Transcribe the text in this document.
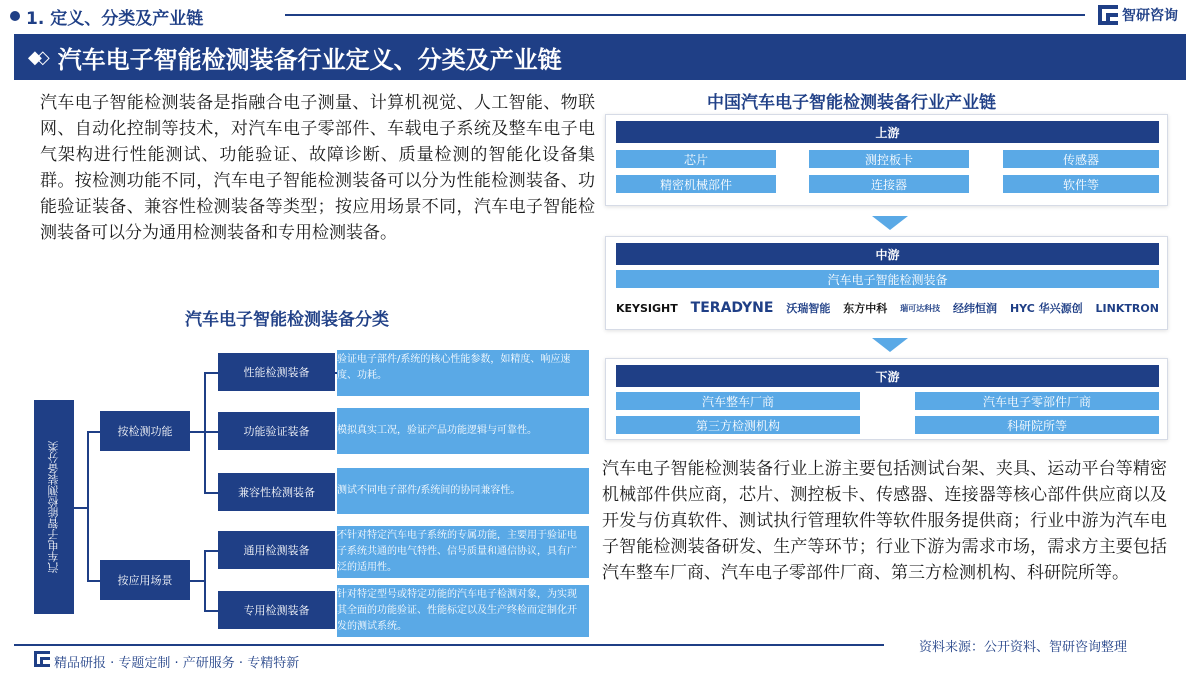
1. 定义、分类及产业链	智研咨询
◆◇ 汽车电子智能检测装备行业定义、分类及产业链
汽车电子智能检测装备是指融合电子测量、计算机视觉、人工智能、物联网、自动化控制等技术，对汽车电子零部件、车载电子系统及整车电子电气架构进行性能测试、功能验证、故障诊断、质量检测的智能化设备集群。按检测功能不同，汽车电子智能检测装备可以分为性能检测装备、功能验证装备、兼容性检测装备等类型；按应用场景不同，汽车电子智能检测装备可以分为通用检测装备和专用检测装备。
汽车电子智能检测装备分类
汽车电子智能检测装备分类
按检测功能
按应用场景
性能检测装备
功能验证装备
兼容性检测装备
通用检测装备
专用检测装备
验证电子部件/系统的核心性能参数，如精度、响应速度、功耗。
模拟真实工况，验证产品功能逻辑与可靠性。
测试不同电子部件/系统间的协同兼容性。
不针对特定汽车电子系统的专属功能，主要用于验证电子系统共通的电气特性、信号质量和通信协议，具有广泛的适用性。
针对特定型号或特定功能的汽车电子检测对象，为实现其全面的功能验证、性能标定以及生产终检而定制化开发的测试系统。
中国汽车电子智能检测装备行业产业链
上游
芯片	测控板卡	传感器
精密机械部件	连接器	软件等
中游
汽车电子智能检测装备
KEYSIGHT TERADYNE 沃瑞智能 东方中科 瑞可达科技 经纬恒润 HYC 华兴源创 LINKTRON
下游
汽车整车厂商	汽车电子零部件厂商
第三方检测机构	科研院所等
汽车电子智能检测装备行业上游主要包括测试台架、夹具、运动平台等精密机械部件供应商，芯片、测控板卡、传感器、连接器等核心部件供应商以及开发与仿真软件、测试执行管理软件等软件服务提供商；行业中游为汽车电子智能检测装备研发、生产等环节；行业下游为需求市场，需求方主要包括汽车整车厂商、汽车电子零部件厂商、第三方检测机构、科研院所等。
资料来源：公开资料、智研咨询整理
精品研报 · 专题定制 · 产研服务 · 专精特新
